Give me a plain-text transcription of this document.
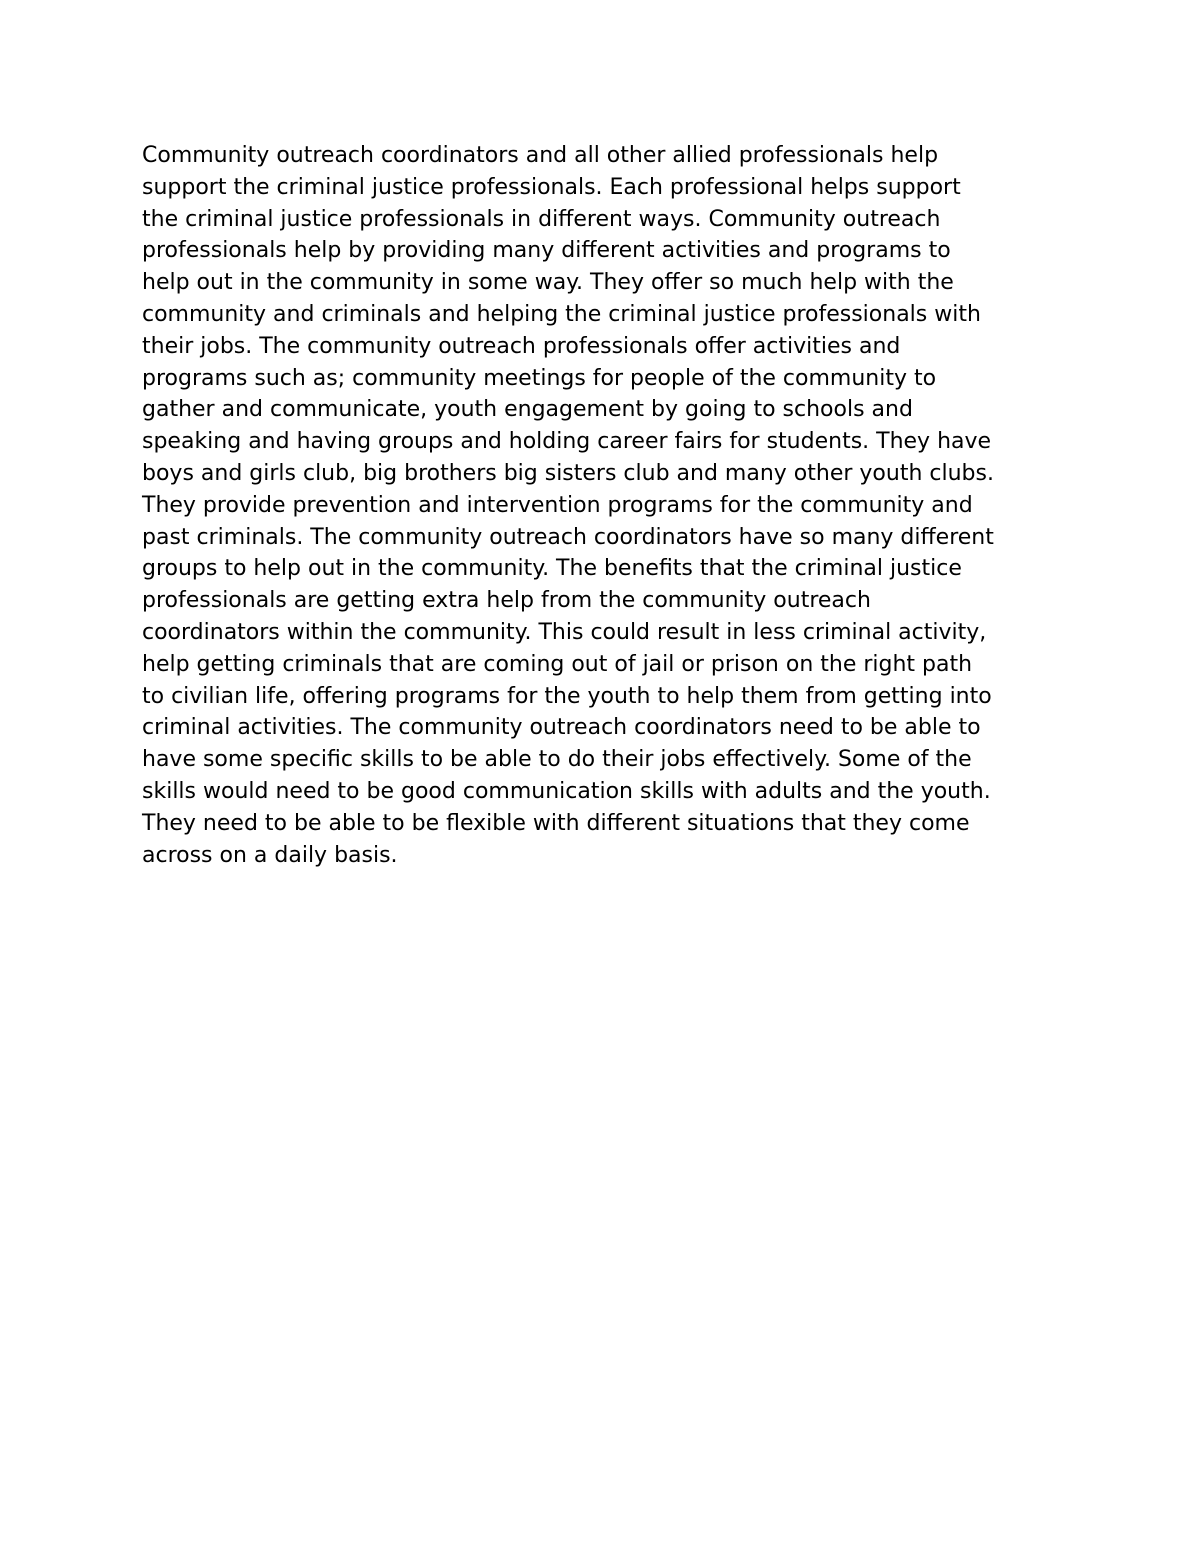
Community outreach coordinators and all other allied professionals help
support the criminal justice professionals. Each professional helps support
the criminal justice professionals in different ways. Community outreach
professionals help by providing many different activities and programs to
help out in the community in some way. They offer so much help with the
community and criminals and helping the criminal justice professionals with
their jobs. The community outreach professionals offer activities and
programs such as; community meetings for people of the community to
gather and communicate, youth engagement by going to schools and
speaking and having groups and holding career fairs for students. They have
boys and girls club, big brothers big sisters club and many other youth clubs.
They provide prevention and intervention programs for the community and
past criminals. The community outreach coordinators have so many different
groups to help out in the community. The benefits that the criminal justice
professionals are getting extra help from the community outreach
coordinators within the community. This could result in less criminal activity,
help getting criminals that are coming out of jail or prison on the right path
to civilian life, offering programs for the youth to help them from getting into
criminal activities. The community outreach coordinators need to be able to
have some specific skills to be able to do their jobs effectively. Some of the
skills would need to be good communication skills with adults and the youth.
They need to be able to be flexible with different situations that they come
across on a daily basis.
